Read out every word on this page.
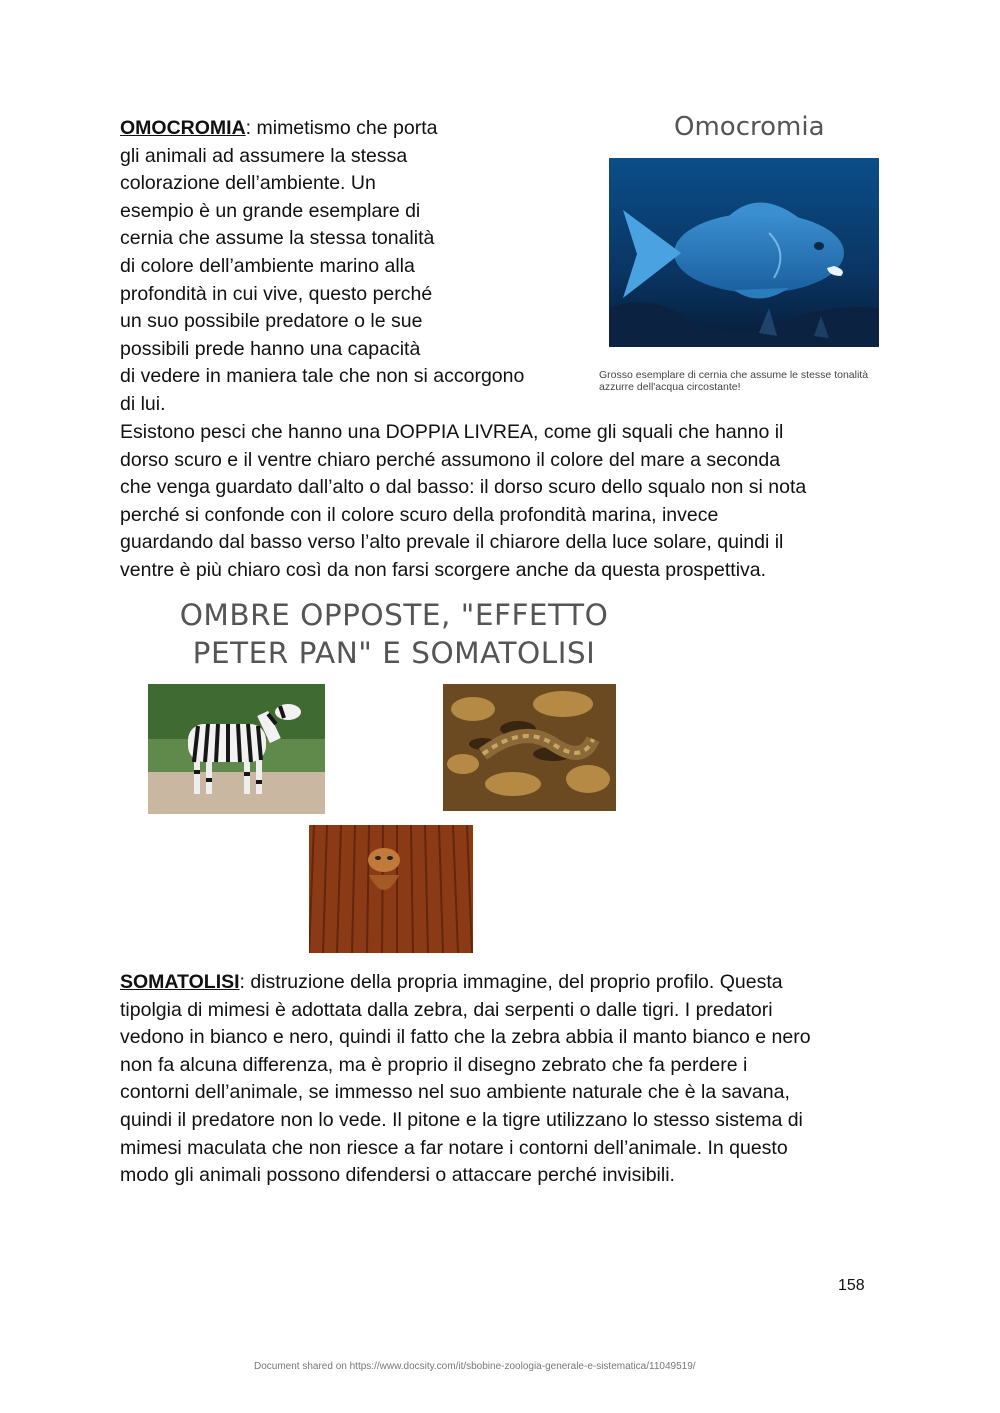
OMOCROMIA: mimetismo che porta
gli animali ad assumere la stessa
colorazione dell’ambiente. Un
esempio è un grande esemplare di
cernia che assume la stessa tonalità
di colore dell’ambiente marino alla
profondità in cui vive, questo perché
un suo possibile predatore o le sue
possibili prede hanno una capacità
di vedere in maniera tale che non si accorgono
di lui.
Omocromia
Grosso esemplare di cernia che assume le stesse tonalità
azzurre dell'acqua circostante!
Esistono pesci che hanno una DOPPIA LIVREA, come gli squali che hanno il
dorso scuro e il ventre chiaro perché assumono il colore del mare a seconda
che venga guardato dall’alto o dal basso: il dorso scuro dello squalo non si nota
perché si confonde con il colore scuro della profondità marina, invece
guardando dal basso verso l’alto prevale il chiarore della luce solare, quindi il
ventre è più chiaro così da non farsi scorgere anche da questa prospettiva.
OMBRE OPPOSTE, "EFFETTO
PETER PAN" E SOMATOLISI
SOMATOLISI: distruzione della propria immagine, del proprio profilo. Questa
tipolgia di mimesi è adottata dalla zebra, dai serpenti o dalle tigri. I predatori
vedono in bianco e nero, quindi il fatto che la zebra abbia il manto bianco e nero
non fa alcuna differenza, ma è proprio il disegno zebrato che fa perdere i
contorni dell’animale, se immesso nel suo ambiente naturale che è la savana,
quindi il predatore non lo vede. Il pitone e la tigre utilizzano lo stesso sistema di
mimesi maculata che non riesce a far notare i contorni dell’animale. In questo
modo gli animali possono difendersi o attaccare perché invisibili.
158
Document shared on https://www.docsity.com/it/sbobine-zoologia-generale-e-sistematica/11049519/
